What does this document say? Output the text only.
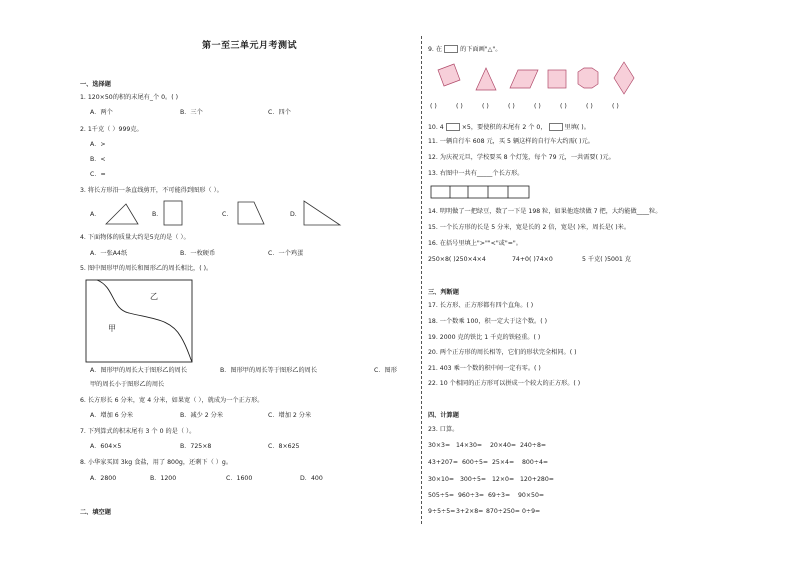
第一至三单元月考测试
一、选择题
1. 120×50的积的末尾有_个 0。( )
A．两个	B．三个	C．四个
2. 1千克（ ）999克。
A．>
B．<
C．=
3. 将长方形沿一条直线剪开，不可能得到图形（ ）。
A．	B．	C．	D．
4. 下面物体的质量大约是5克的是（ ）。
A．一张A4纸	B．一枚硬币	C．一个鸡蛋
5. 图中图形甲的周长和图形乙的周长相比，( )。
乙
甲
A．图形甲的周长大于图形乙的周长	B．图形甲的周长等于图形乙的周长	C．图形
甲的周长小于图形乙的周长
6. 长方形长 6 分米，宽 4 分米，如果宽（ ），就成为一个正方形。
A．增加 6 分米	B．减少 2 分米	C．增加 2 分米
7. 下列算式的积末尾有 3 个 0 的是（ ）。
A．604×5	B．725×8	C．8×625
8. 小华家买回 3kg 食盐，用了 800g，还剩下（ ）g。
A．2800	B．1200	C．1600	D．400
二、填空题
9. 在	的下面画"△"。
( )	( )	( )	( )	( )	( )	( )	( )
10. 4	×5，要使积的末尾有 2 个 0，	里填( )。
11. 一辆自行车 608 元，买 5 辆这样的自行车大约需( )元。
12. 为庆祝元旦，学校要买 8 个灯笼，每个 79 元，一共需要( )元。
13. 右图中一共有_____个长方形。
14. 明明做了一把绿豆，数了一下是 198 粒，如果他连续做 7 把，大约能做____粒。
15. 一个长方形的长是 5 分米，宽是长的 2 倍，宽是( )米，周长是( )米。
16. 在括号里填上">""<"或"="。
250×8( )250×4×4	74+0( )74×0	5 千克( )5001 克
三、判断题
17. 长方形、正方形都有四个直角。( )
18. 一个数乘 100，积一定大于这个数。( )
19. 2000 克的铁比 1 千克的铁轻重。( )
20. 两个正方形的周长相等，它们的形状完全相同。( )
21. 403 乘一个数的积中间一定有零。( )
22. 10 个相同的正方形可以拼成一个较大的正方形。( )
四、计算题
23. 口算。
30×3= 14×30= 20×40= 240÷8=
43+207= 600÷5= 25×4= 800÷4=
30×10= 300÷5= 12×0= 120+280=
505÷5= 960÷3= 69÷3= 90×50=
9÷5÷5= 3+2×8= 870÷250= 0÷9=
